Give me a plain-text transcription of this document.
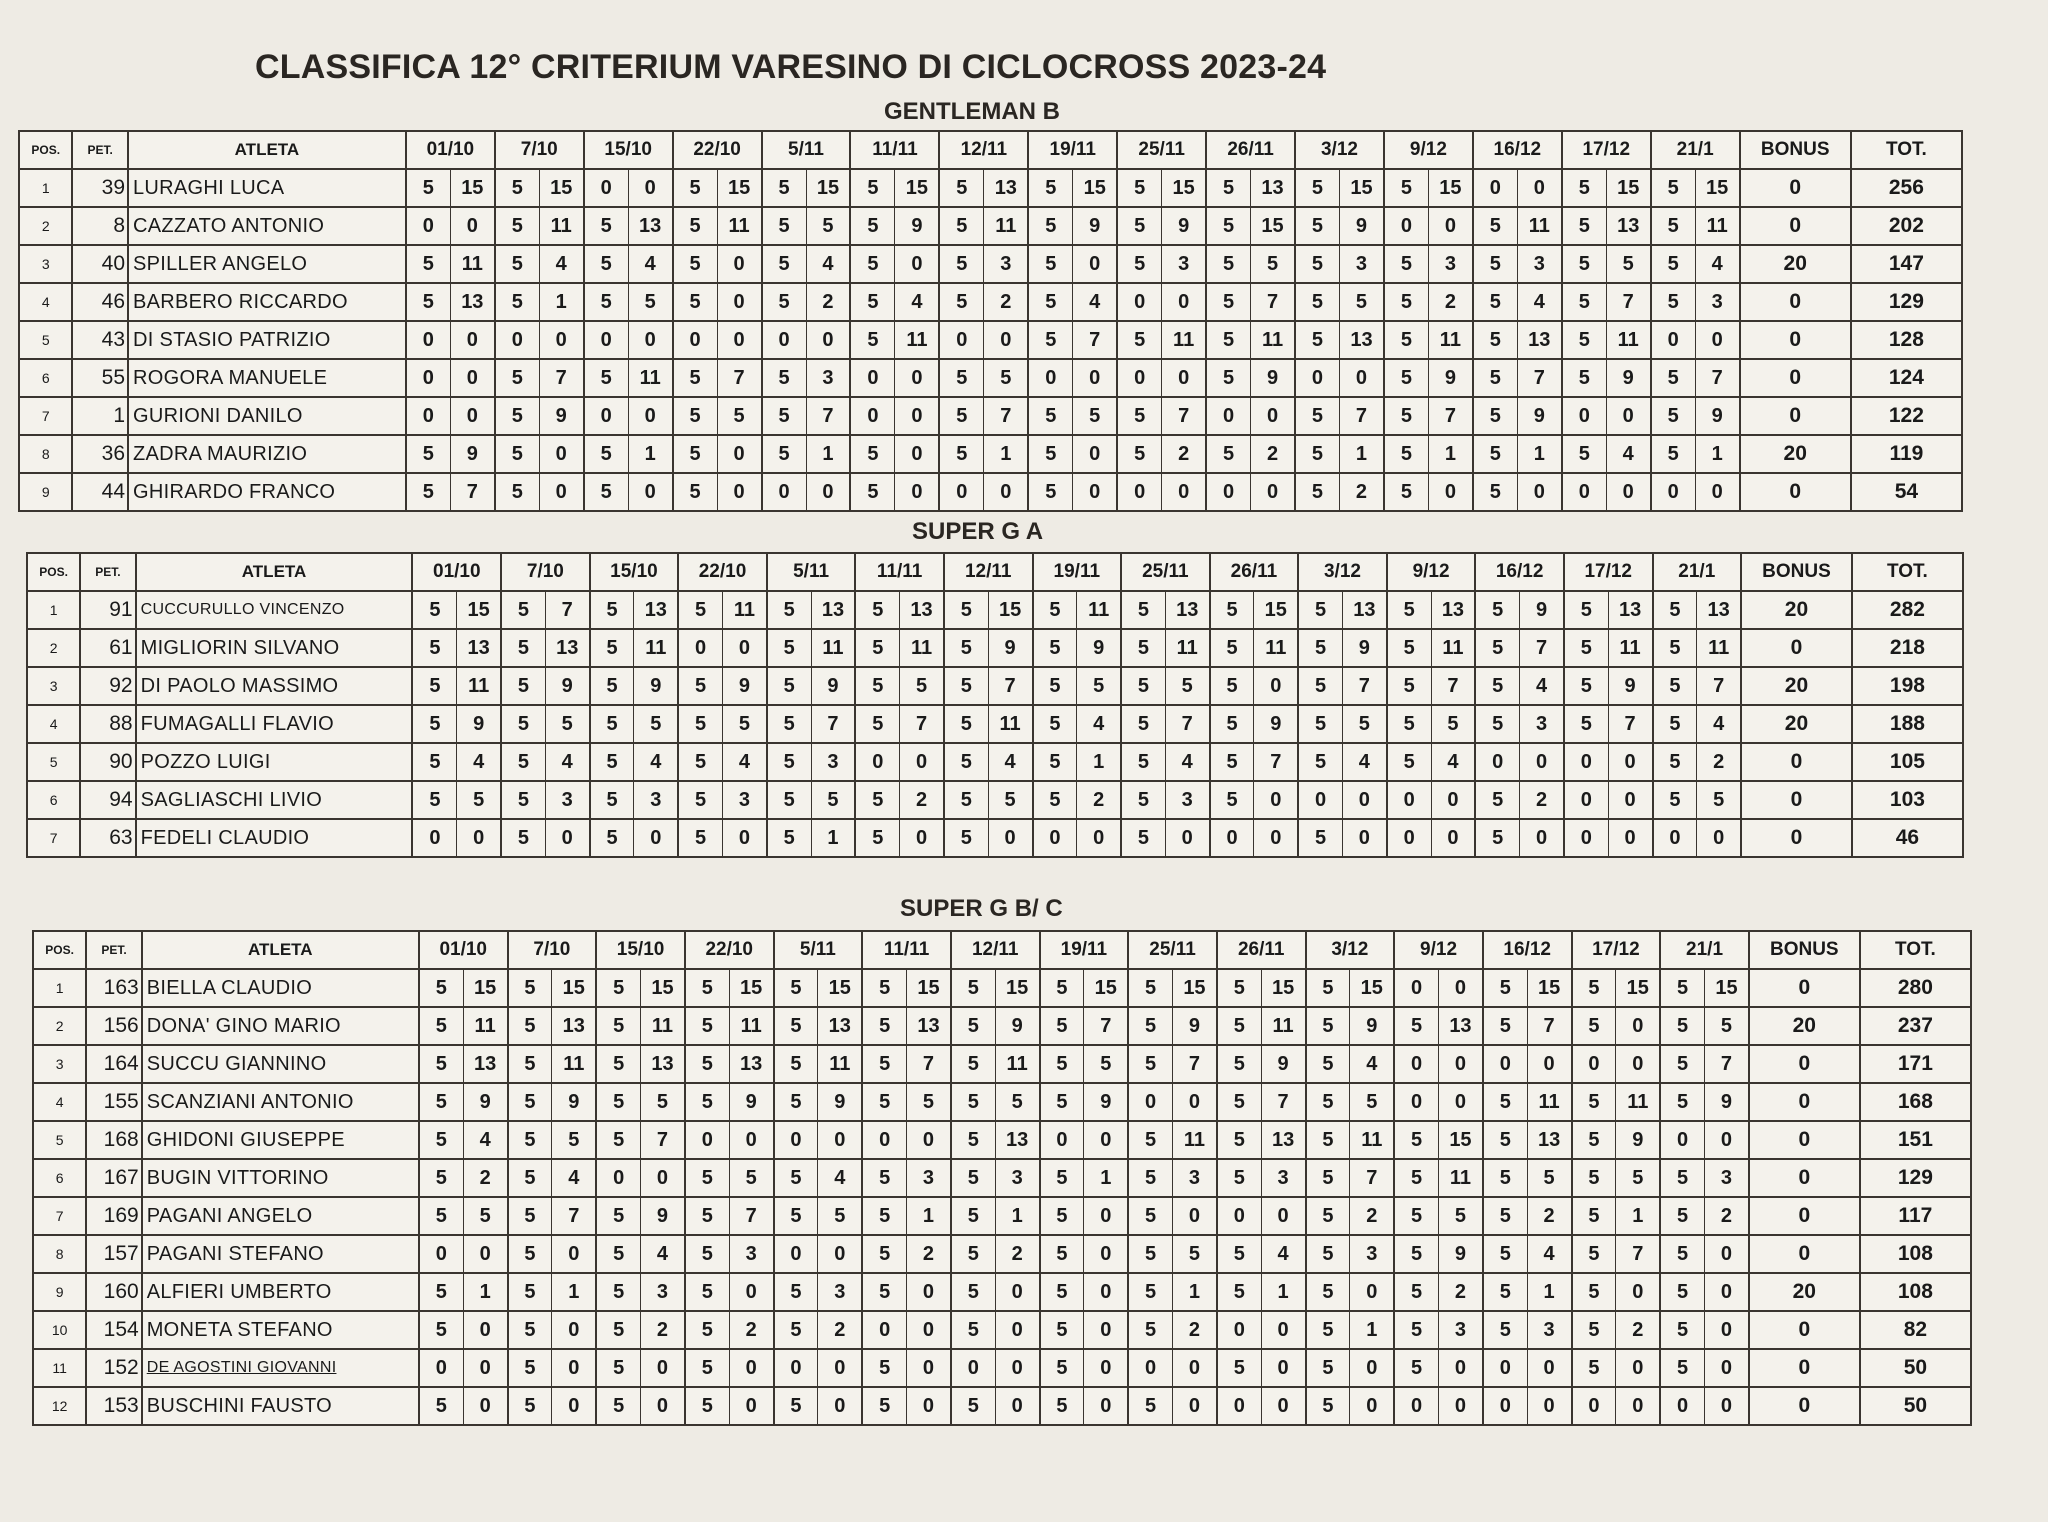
CLASSIFICA 12° CRITERIUM VARESINO DI CICLOCROSS 2023-24
GENTLEMAN B
POS.	PET.	ATLETA	01/10		7/10		15/10		22/10		5/11		11/11		12/11		19/11		25/11		26/11		3/12		9/12		16/12		17/12		21/1		BONUS	TOT.
1	39	LURAGHI LUCA	5	15	5	15	0	0	5	15	5	15	5	15	5	13	5	15	5	15	5	13	5	15	5	15	0	0	5	15	5	15	0	256
2	8	CAZZATO ANTONIO	0	0	5	11	5	13	5	11	5	5	5	9	5	11	5	9	5	9	5	15	5	9	0	0	5	11	5	13	5	11	0	202
3	40	SPILLER ANGELO	5	11	5	4	5	4	5	0	5	4	5	0	5	3	5	0	5	3	5	5	5	3	5	3	5	3	5	5	5	4	20	147
4	46	BARBERO RICCARDO	5	13	5	1	5	5	5	0	5	2	5	4	5	2	5	4	0	0	5	7	5	5	5	2	5	4	5	7	5	3	0	129
5	43	DI STASIO PATRIZIO	0	0	0	0	0	0	0	0	0	0	5	11	0	0	5	7	5	11	5	11	5	13	5	11	5	13	5	11	0	0	0	128
6	55	ROGORA MANUELE	0	0	5	7	5	11	5	7	5	3	0	0	5	5	0	0	0	0	5	9	0	0	5	9	5	7	5	9	5	7	0	124
7	1	GURIONI DANILO	0	0	5	9	0	0	5	5	5	7	0	0	5	7	5	5	5	7	0	0	5	7	5	7	5	9	0	0	5	9	0	122
8	36	ZADRA MAURIZIO	5	9	5	0	5	1	5	0	5	1	5	0	5	1	5	0	5	2	5	2	5	1	5	1	5	1	5	4	5	1	20	119
9	44	GHIRARDO FRANCO	5	7	5	0	5	0	5	0	0	0	5	0	0	0	5	0	0	0	0	0	5	2	5	0	5	0	0	0	0	0	0	54
SUPER G A
POS.	PET.	ATLETA	01/10		7/10		15/10		22/10		5/11		11/11		12/11		19/11		25/11		26/11		3/12		9/12		16/12		17/12		21/1		BONUS	TOT.
1	91	CUCCURULLO VINCENZO	5	15	5	7	5	13	5	11	5	13	5	13	5	15	5	11	5	13	5	15	5	13	5	13	5	9	5	13	5	13	20	282
2	61	MIGLIORIN SILVANO	5	13	5	13	5	11	0	0	5	11	5	11	5	9	5	9	5	11	5	11	5	9	5	11	5	7	5	11	5	11	0	218
3	92	DI PAOLO MASSIMO	5	11	5	9	5	9	5	9	5	9	5	5	5	7	5	5	5	5	5	0	5	7	5	7	5	4	5	9	5	7	20	198
4	88	FUMAGALLI FLAVIO	5	9	5	5	5	5	5	5	5	7	5	7	5	11	5	4	5	7	5	9	5	5	5	5	5	3	5	7	5	4	20	188
5	90	POZZO LUIGI	5	4	5	4	5	4	5	4	5	3	0	0	5	4	5	1	5	4	5	7	5	4	5	4	0	0	0	0	5	2	0	105
6	94	SAGLIASCHI LIVIO	5	5	5	3	5	3	5	3	5	5	5	2	5	5	5	2	5	3	5	0	0	0	0	0	5	2	0	0	5	5	0	103
7	63	FEDELI CLAUDIO	0	0	5	0	5	0	5	0	5	1	5	0	5	0	0	0	5	0	0	0	5	0	0	0	5	0	0	0	0	0	0	46
SUPER G B/ C
POS.	PET.	ATLETA	01/10		7/10		15/10		22/10		5/11		11/11		12/11		19/11		25/11		26/11		3/12		9/12		16/12		17/12		21/1		BONUS	TOT.
1	163	BIELLA CLAUDIO	5	15	5	15	5	15	5	15	5	15	5	15	5	15	5	15	5	15	5	15	5	15	0	0	5	15	5	15	5	15	0	280
2	156	DONA' GINO MARIO	5	11	5	13	5	11	5	11	5	13	5	13	5	9	5	7	5	9	5	11	5	9	5	13	5	7	5	0	5	5	20	237
3	164	SUCCU GIANNINO	5	13	5	11	5	13	5	13	5	11	5	7	5	11	5	5	5	7	5	9	5	4	0	0	0	0	0	0	5	7	0	171
4	155	SCANZIANI ANTONIO	5	9	5	9	5	5	5	9	5	9	5	5	5	5	5	9	0	0	5	7	5	5	0	0	5	11	5	11	5	9	0	168
5	168	GHIDONI GIUSEPPE	5	4	5	5	5	7	0	0	0	0	0	0	5	13	0	0	5	11	5	13	5	11	5	15	5	13	5	9	0	0	0	151
6	167	BUGIN VITTORINO	5	2	5	4	0	0	5	5	5	4	5	3	5	3	5	1	5	3	5	3	5	7	5	11	5	5	5	5	5	3	0	129
7	169	PAGANI ANGELO	5	5	5	7	5	9	5	7	5	5	5	1	5	1	5	0	5	0	0	0	5	2	5	5	5	2	5	1	5	2	0	117
8	157	PAGANI STEFANO	0	0	5	0	5	4	5	3	0	0	5	2	5	2	5	0	5	5	5	4	5	3	5	9	5	4	5	7	5	0	0	108
9	160	ALFIERI UMBERTO	5	1	5	1	5	3	5	0	5	3	5	0	5	0	5	0	5	1	5	1	5	0	5	2	5	1	5	0	5	0	20	108
10	154	MONETA STEFANO	5	0	5	0	5	2	5	2	5	2	0	0	5	0	5	0	5	2	0	0	5	1	5	3	5	3	5	2	5	0	0	82
11	152	DE AGOSTINI GIOVANNI	0	0	5	0	5	0	5	0	0	0	5	0	0	0	5	0	0	0	5	0	5	0	5	0	0	0	5	0	5	0	0	50
12	153	BUSCHINI FAUSTO	5	0	5	0	5	0	5	0	5	0	5	0	5	0	5	0	5	0	0	0	5	0	0	0	0	0	0	0	0	0	0	50
